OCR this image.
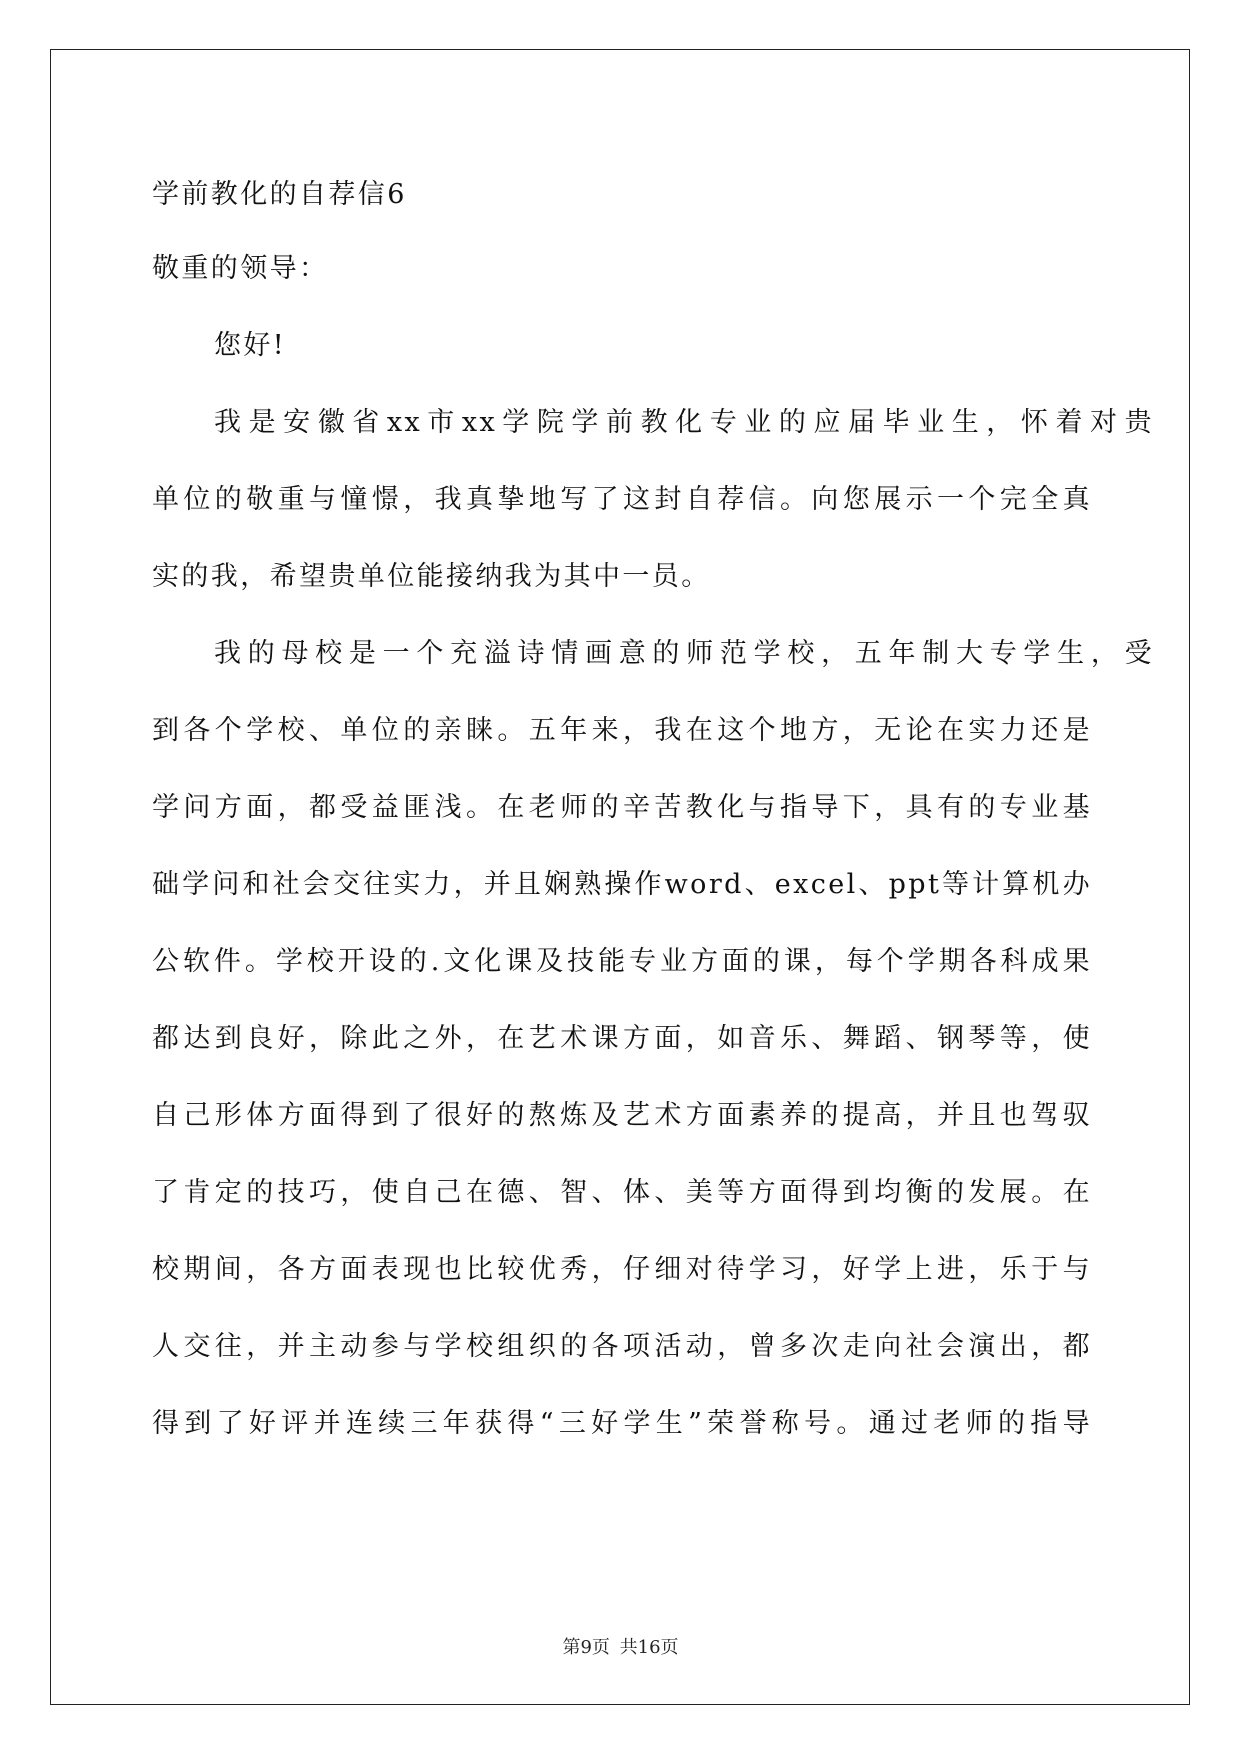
学前教化的自荐信6
敬重的领导：
您好!
我是安徽省xx市xx学院学前教化专业的应届毕业生，怀着对贵
单位的敬重与憧憬，我真挚地写了这封自荐信。向您展示一个完全真
实的我，希望贵单位能接纳我为其中一员。
我的母校是一个充溢诗情画意的师范学校，五年制大专学生，受
到各个学校、单位的亲睐。五年来，我在这个地方，无论在实力还是
学问方面，都受益匪浅。在老师的辛苦教化与指导下，具有的专业基
础学问和社会交往实力，并且娴熟操作word、excel、ppt等计算机办
公软件。学校开设的.文化课及技能专业方面的课，每个学期各科成果
都达到良好，除此之外，在艺术课方面，如音乐、舞蹈、钢琴等，使
自己形体方面得到了很好的熬炼及艺术方面素养的提高，并且也驾驭
了肯定的技巧，使自己在德、智、体、美等方面得到均衡的发展。在
校期间，各方面表现也比较优秀，仔细对待学习，好学上进，乐于与
人交往，并主动参与学校组织的各项活动，曾多次走向社会演出，都
得到了好评并连续三年获得“三好学生”荣誉称号。通过老师的指导
第9页 共16页
